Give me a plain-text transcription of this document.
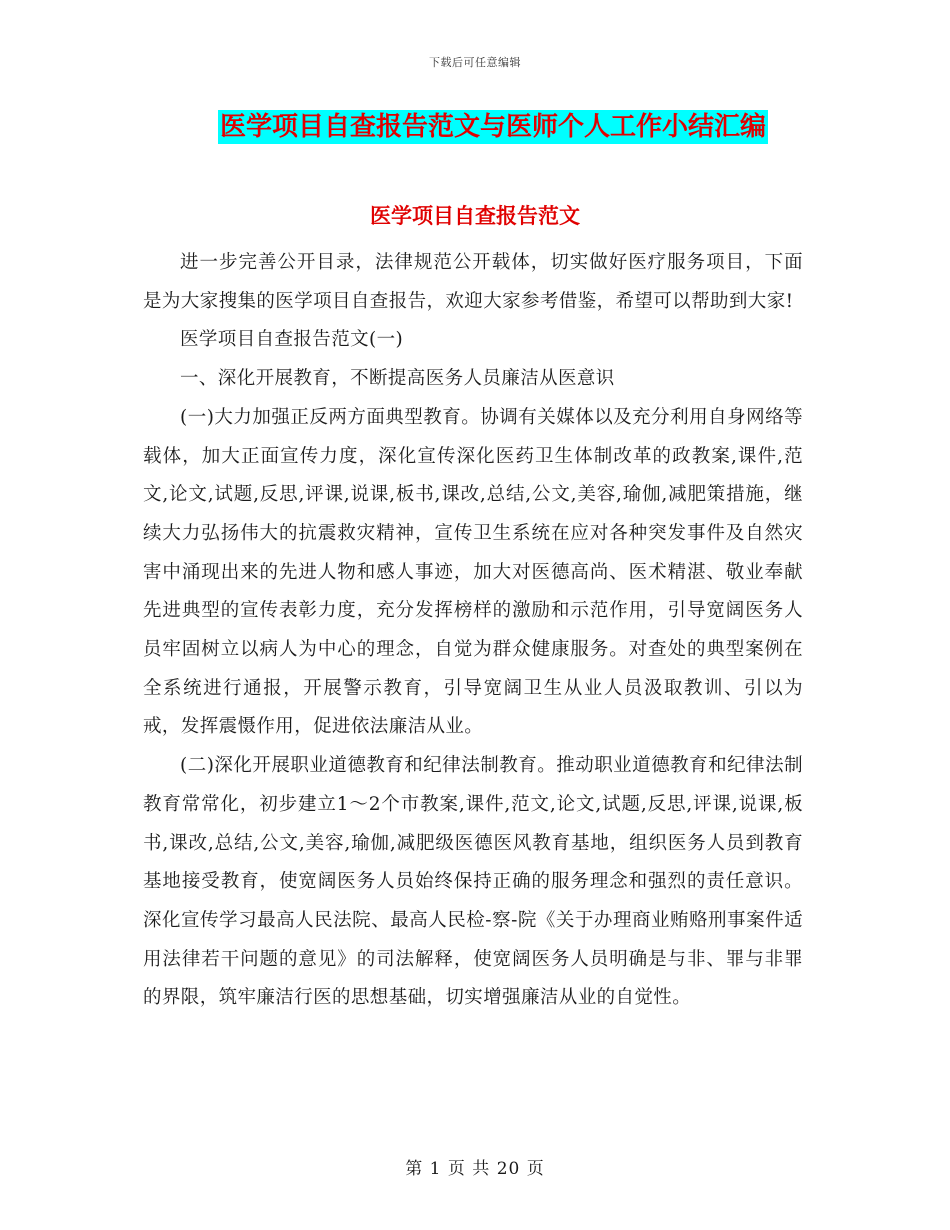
下载后可任意编辑
医学项目自查报告范文与医师个人工作小结汇编
医学项目自查报告范文

进一步完善公开目录，法律规范公开载体，切实做好医疗服务项目，下面是为大家搜集的医学项目自查报告，欢迎大家参考借鉴，希望可以帮助到大家!

医学项目自查报告范文(一)

一、深化开展教育，不断提高医务人员廉洁从医意识

(一)大力加强正反两方面典型教育。协调有关媒体以及充分利用自身网络等载体，加大正面宣传力度，深化宣传深化医药卫生体制改革的政教案,课件,范文,论文,试题,反思,评课,说课,板书,课改,总结,公文,美容,瑜伽,减肥策措施，继续大力弘扬伟大的抗震救灾精神，宣传卫生系统在应对各种突发事件及自然灾害中涌现出来的先进人物和感人事迹，加大对医德高尚、医术精湛、敬业奉献先进典型的宣传表彰力度，充分发挥榜样的激励和示范作用，引导宽阔医务人员牢固树立以病人为中心的理念，自觉为群众健康服务。对查处的典型案例在全系统进行通报，开展警示教育，引导宽阔卫生从业人员汲取教训、引以为戒，发挥震慑作用，促进依法廉洁从业。

(二)深化开展职业道德教育和纪律法制教育。推动职业道德教育和纪律法制教育常常化，初步建立1～2个市教案,课件,范文,论文,试题,反思,评课,说课,板书,课改,总结,公文,美容,瑜伽,减肥级医德医风教育基地，组织医务人员到教育基地接受教育，使宽阔医务人员始终保持正确的服务理念和强烈的责任意识。深化宣传学习最高人民法院、最高人民检-察-院《关于办理商业贿赂刑事案件适用法律若干问题的意见》的司法解释，使宽阔医务人员明确是与非、罪与非罪的界限，筑牢廉洁行医的思想基础，切实增强廉洁从业的自觉性。

第 1 页 共 20 页
